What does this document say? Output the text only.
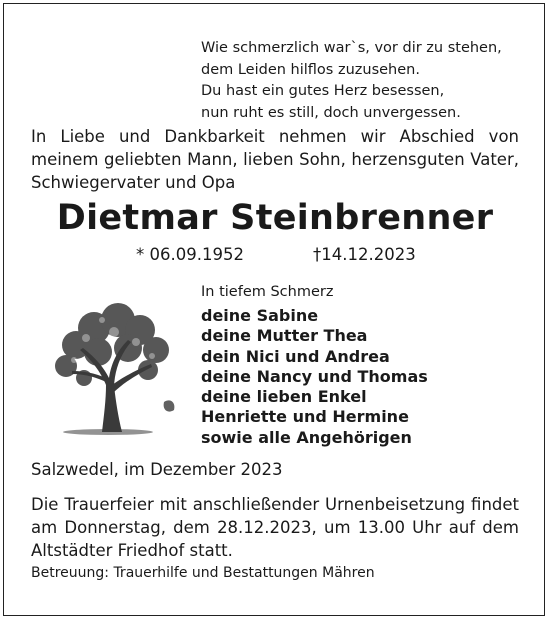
Wie schmerzlich war`s, vor dir zu stehen,
dem Leiden hilflos zuzusehen.
Du hast ein gutes Herz besessen,
nun ruht es still, doch unvergessen.
In Liebe und Dankbarkeit nehmen wir Abschied von meinem geliebten Mann, lieben Sohn, herzensguten Vater, Schwiegervater und Opa
Dietmar Steinbrenner
* 06.09.1952	†14.12.2023
In tiefem Schmerz
deine Sabine
deine Mutter Thea
dein Nici und Andrea
deine Nancy und Thomas
deine lieben Enkel
Henriette und Hermine
sowie alle Angehörigen
Salzwedel, im Dezember 2023
Die Trauerfeier mit anschließender Urnenbeisetzung findet am Donnerstag, dem 28.12.2023, um 13.00 Uhr auf dem Altstädter Friedhof statt.
Betreuung: Trauerhilfe und Bestattungen Mähren
